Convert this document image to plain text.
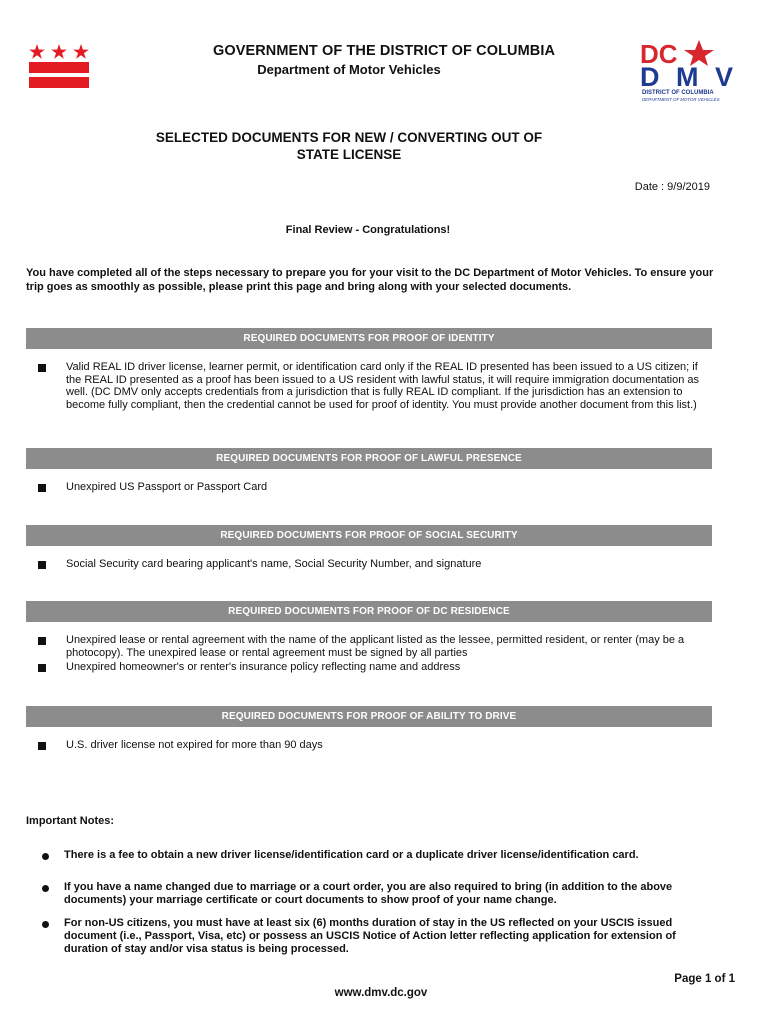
DC
DMV
DISTRICT OF COLUMBIA
DEPARTMENT OF MOTOR VEHICLES
GOVERNMENT OF THE DISTRICT OF COLUMBIA
Department of Motor Vehicles
SELECTED DOCUMENTS FOR NEW / CONVERTING OUT OF
STATE LICENSE
Date : 9/9/2019
Final Review - Congratulations!
You have completed all of the steps necessary to prepare you for your visit to the DC Department of Motor Vehicles. To ensure your trip goes as smoothly as possible, please print this page and bring along with your selected documents.
REQUIRED DOCUMENTS FOR PROOF OF IDENTITY
Valid REAL ID driver license, learner permit, or identification card only if the REAL ID presented has been issued to a US citizen; if the REAL ID presented as a proof has been issued to a US resident with lawful status, it will require immigration documentation as well. (DC DMV only accepts credentials from a jurisdiction that is fully REAL ID compliant. If the jurisdiction has an extension to become fully compliant, then the credential cannot be used for proof of identity. You must provide another document from this list.)
REQUIRED DOCUMENTS FOR PROOF OF LAWFUL PRESENCE
Unexpired US Passport or Passport Card
REQUIRED DOCUMENTS FOR PROOF OF SOCIAL SECURITY
Social Security card bearing applicant's name, Social Security Number, and signature
REQUIRED DOCUMENTS FOR PROOF OF DC RESIDENCE
Unexpired lease or rental agreement with the name of the applicant listed as the lessee, permitted resident, or renter (may be a photocopy). The unexpired lease or rental agreement must be signed by all parties
Unexpired homeowner's or renter's insurance policy reflecting name and address
REQUIRED DOCUMENTS FOR PROOF OF ABILITY TO DRIVE
U.S. driver license not expired for more than 90 days
Important Notes:
There is a fee to obtain a new driver license/identification card or a duplicate driver license/identification card.
If you have a name changed due to marriage or a court order, you are also required to bring (in addition to the above documents) your marriage certificate or court documents to show proof of your name change.
For non-US citizens, you must have at least six (6) months duration of stay in the US reflected on your USCIS issued document (i.e., Passport, Visa, etc) or possess an USCIS Notice of Action letter reflecting application for extension of duration of stay and/or visa status is being processed.
Page 1 of 1
www.dmv.dc.gov
